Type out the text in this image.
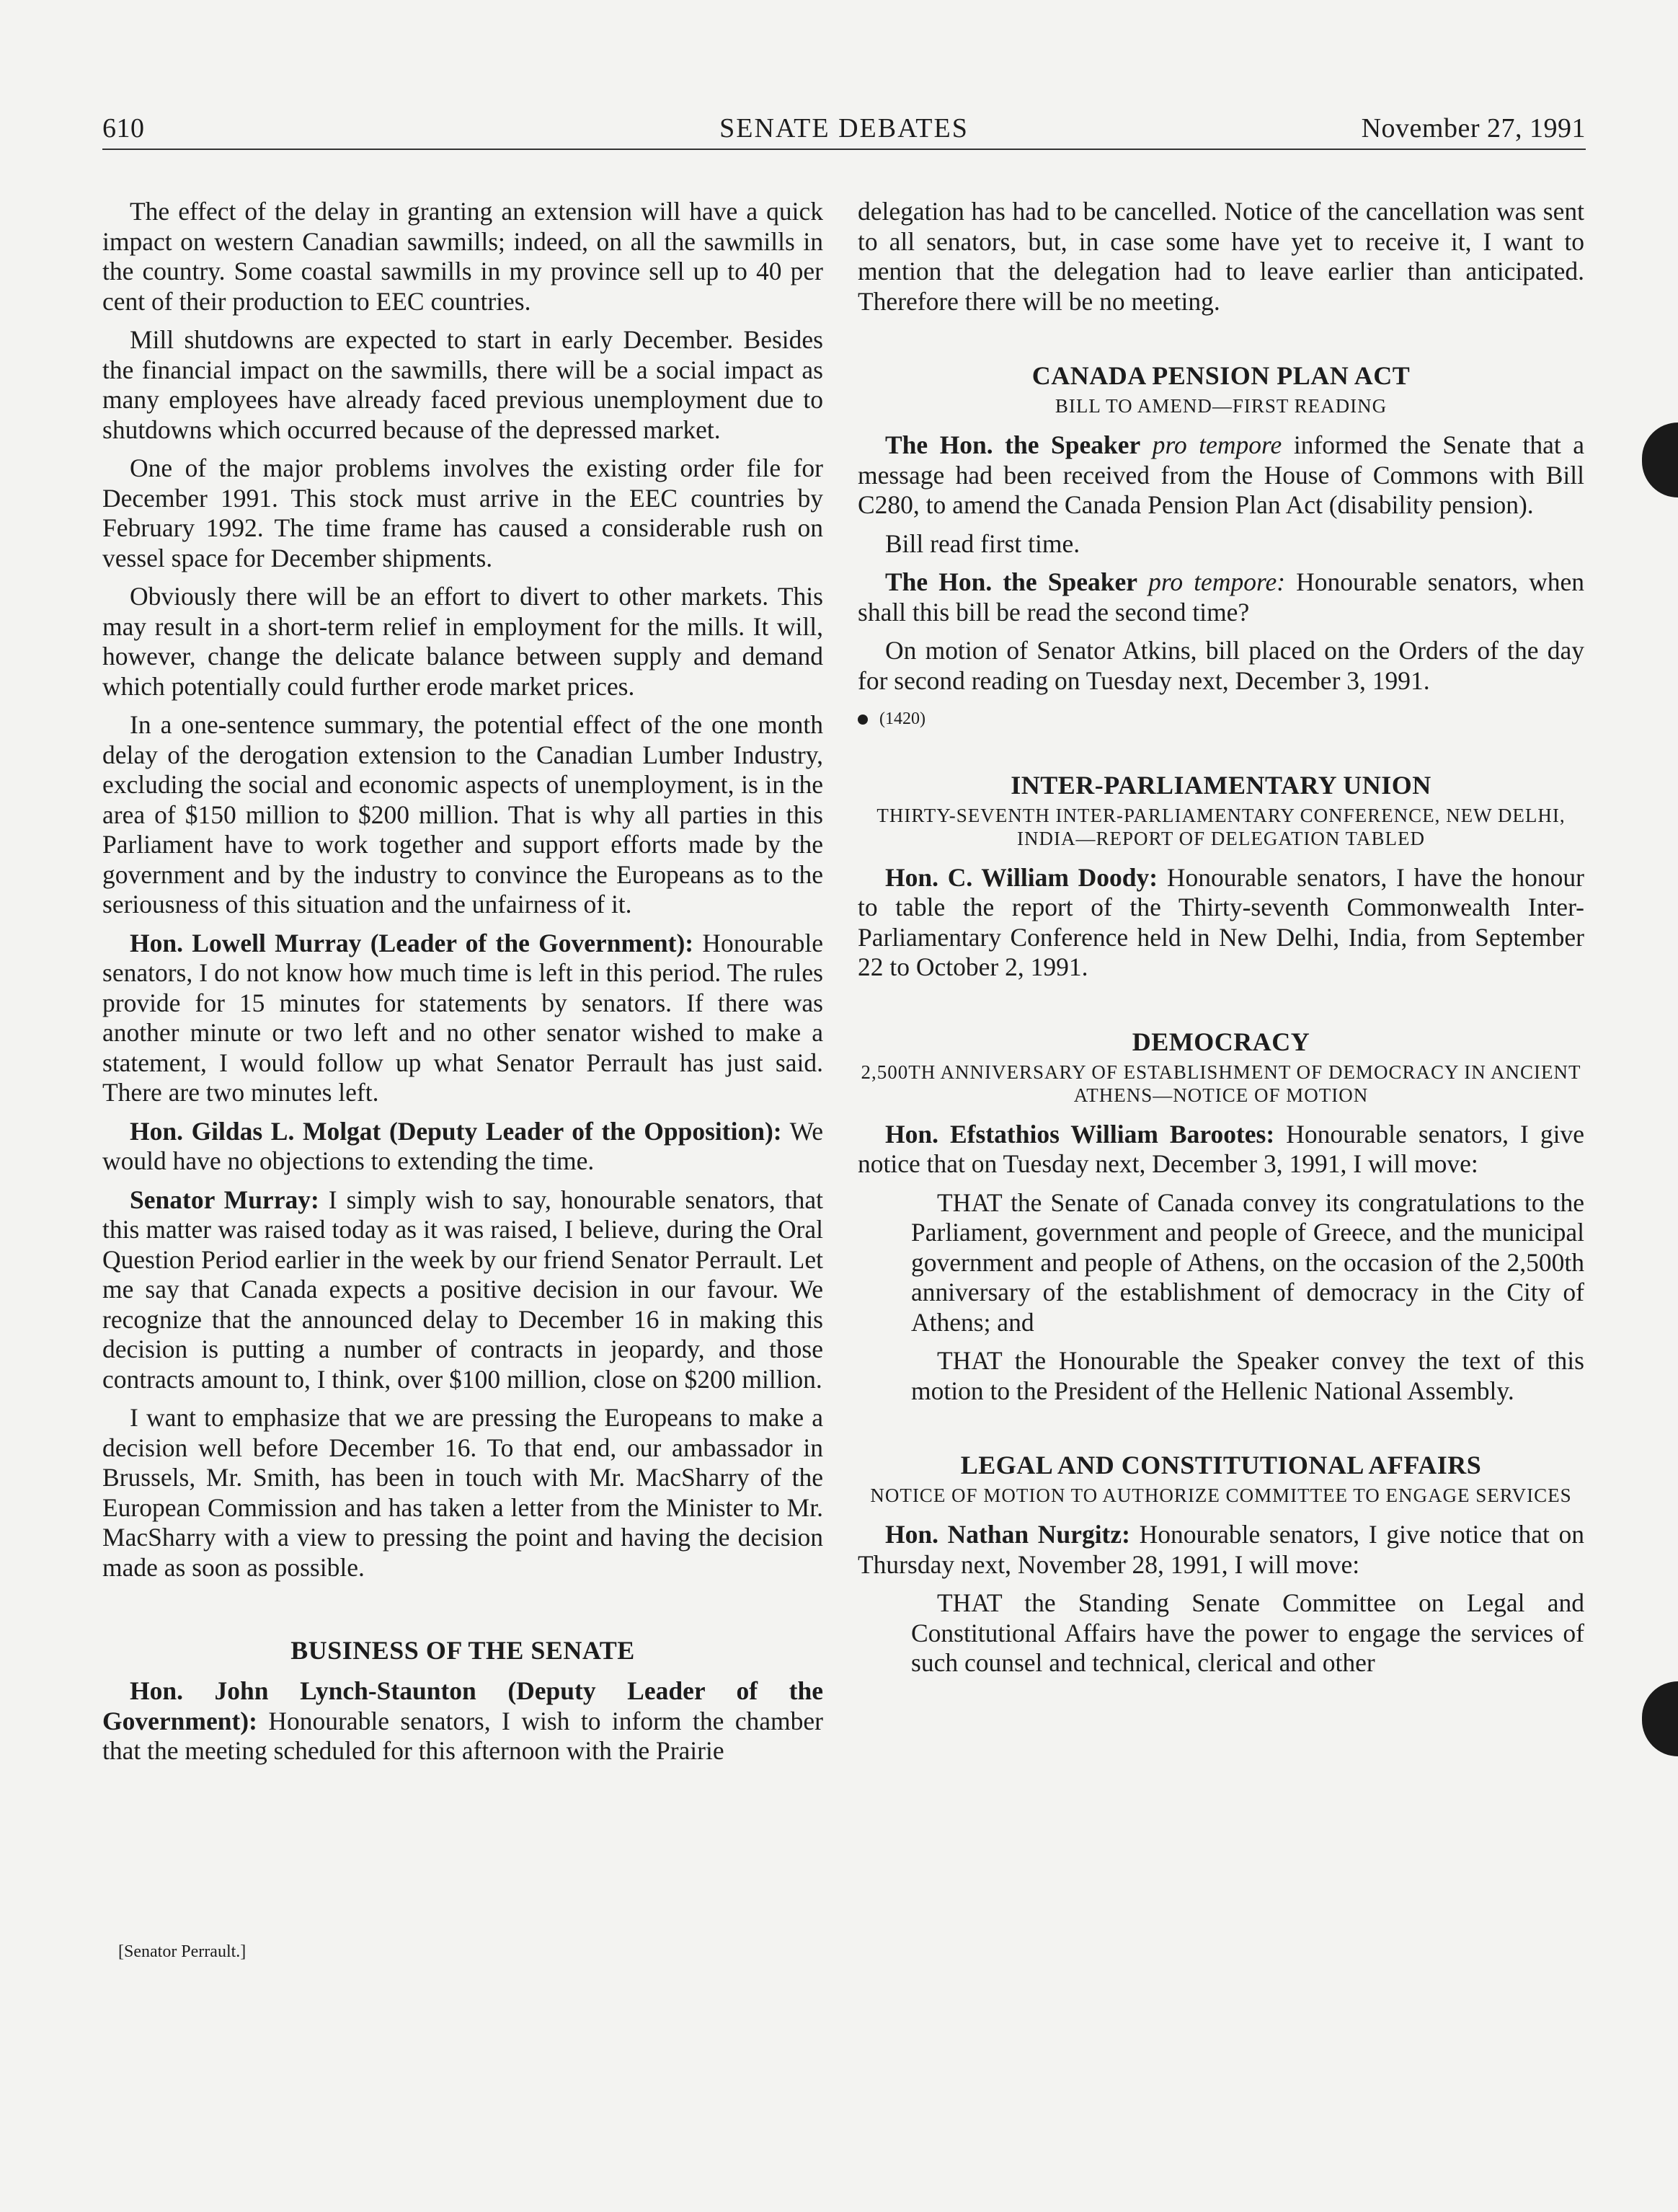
610	SENATE DEBATES	November 27, 1991

The effect of the delay in granting an extension will have a quick impact on western Canadian sawmills; indeed, on all the sawmills in the country. Some coastal sawmills in my province sell up to 40 per cent of their production to EEC countries.

Mill shutdowns are expected to start in early December. Besides the financial impact on the sawmills, there will be a social impact as many employees have already faced previous unemployment due to shutdowns which occurred because of the depressed market.

One of the major problems involves the existing order file for December 1991. This stock must arrive in the EEC countries by February 1992. The time frame has caused a considerable rush on vessel space for December shipments.

Obviously there will be an effort to divert to other markets. This may result in a short-term relief in employment for the mills. It will, however, change the delicate balance between supply and demand which potentially could further erode market prices.

In a one-sentence summary, the potential effect of the one month delay of the derogation extension to the Canadian Lumber Industry, excluding the social and economic aspects of unemployment, is in the area of $150 million to $200 million. That is why all parties in this Parliament have to work together and support efforts made by the government and by the industry to convince the Europeans as to the seriousness of this situation and the unfairness of it.

Hon. Lowell Murray (Leader of the Government): Honourable senators, I do not know how much time is left in this period. The rules provide for 15 minutes for statements by senators. If there was another minute or two left and no other senator wished to make a statement, I would follow up what Senator Perrault has just said. There are two minutes left.

Hon. Gildas L. Molgat (Deputy Leader of the Opposition): We would have no objections to extending the time.

Senator Murray: I simply wish to say, honourable senators, that this matter was raised today as it was raised, I believe, during the Oral Question Period earlier in the week by our friend Senator Perrault. Let me say that Canada expects a positive decision in our favour. We recognize that the announced delay to December 16 in making this decision is putting a number of contracts in jeopardy, and those contracts amount to, I think, over $100 million, close on $200 million.

I want to emphasize that we are pressing the Europeans to make a decision well before December 16. To that end, our ambassador in Brussels, Mr. Smith, has been in touch with Mr. MacSharry of the European Commission and has taken a letter from the Minister to Mr. MacSharry with a view to pressing the point and having the decision made as soon as possible.

BUSINESS OF THE SENATE

Hon. John Lynch-Staunton (Deputy Leader of the Government): Honourable senators, I wish to inform the chamber that the meeting scheduled for this afternoon with the Prairie

[Senator Perrault.]

delegation has had to be cancelled. Notice of the cancellation was sent to all senators, but, in case some have yet to receive it, I want to mention that the delegation had to leave earlier than anticipated. Therefore there will be no meeting.

CANADA PENSION PLAN ACT
BILL TO AMEND—FIRST READING

The Hon. the Speaker pro tempore informed the Senate that a message had been received from the House of Commons with Bill C280, to amend the Canada Pension Plan Act (disability pension).

Bill read first time.

The Hon. the Speaker pro tempore: Honourable senators, when shall this bill be read the second time?

On motion of Senator Atkins, bill placed on the Orders of the day for second reading on Tuesday next, December 3, 1991.

(1420)

INTER-PARLIAMENTARY UNION
THIRTY-SEVENTH INTER-PARLIAMENTARY CONFERENCE, NEW DELHI, INDIA—REPORT OF DELEGATION TABLED

Hon. C. William Doody: Honourable senators, I have the honour to table the report of the Thirty-seventh Commonwealth Inter-Parliamentary Conference held in New Delhi, India, from September 22 to October 2, 1991.

DEMOCRACY
2,500TH ANNIVERSARY OF ESTABLISHMENT OF DEMOCRACY IN ANCIENT ATHENS—NOTICE OF MOTION

Hon. Efstathios William Barootes: Honourable senators, I give notice that on Tuesday next, December 3, 1991, I will move:

THAT the Senate of Canada convey its congratulations to the Parliament, government and people of Greece, and the municipal government and people of Athens, on the occasion of the 2,500th anniversary of the establishment of democracy in the City of Athens; and

THAT the Honourable the Speaker convey the text of this motion to the President of the Hellenic National Assembly.

LEGAL AND CONSTITUTIONAL AFFAIRS
NOTICE OF MOTION TO AUTHORIZE COMMITTEE TO ENGAGE SERVICES

Hon. Nathan Nurgitz: Honourable senators, I give notice that on Thursday next, November 28, 1991, I will move:

THAT the Standing Senate Committee on Legal and Constitutional Affairs have the power to engage the services of such counsel and technical, clerical and other
